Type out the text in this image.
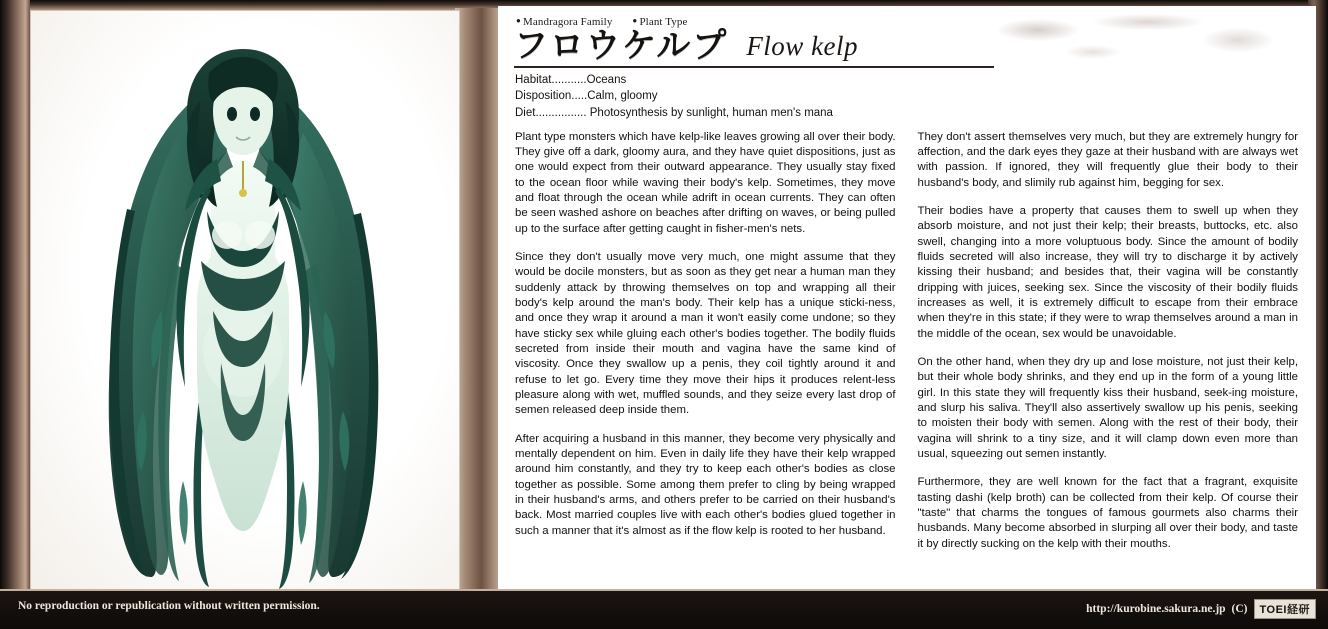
● Mandragora Family	● Plant Type
フロウケルプ Flow kelp
Habitat...........Oceans
Disposition.....Calm, gloomy
Diet................ Photosynthesis by sunlight, human men's mana

Plant type monsters which have kelp-like leaves growing all over their body. They give off a dark, gloomy aura, and they have quiet dispositions, just as one would expect from their outward appearance. They usually stay fixed to the ocean floor while waving their body's kelp. Sometimes, they move and float through the ocean while adrift in ocean currents. They can often be seen washed ashore on beaches after drifting on waves, or being pulled up to the surface after getting caught in fisher-men's nets.

Since they don't usually move very much, one might assume that they would be docile monsters, but as soon as they get near a human man they suddenly attack by throwing themselves on top and wrapping all their body's kelp around the man's body. Their kelp has a unique sticki-ness, and once they wrap it around a man it won't easily come undone; so they have sticky sex while gluing each other's bodies together. The bodily fluids secreted from inside their mouth and vagina have the same kind of viscosity. Once they swallow up a penis, they coil tightly around it and refuse to let go. Every time they move their hips it produces relent-less pleasure along with wet, muffled sounds, and they seize every last drop of semen released deep inside them.

After acquiring a husband in this manner, they become very physically and mentally dependent on him. Even in daily life they have their kelp wrapped around him constantly, and they try to keep each other's bodies as close together as possible. Some among them prefer to cling by being wrapped in their husband's arms, and others prefer to be carried on their husband's back. Most married couples live with each other's bodies glued together in such a manner that it's almost as if the flow kelp is rooted to her husband.

They don't assert themselves very much, but they are extremely hungry for affection, and the dark eyes they gaze at their husband with are always wet with passion. If ignored, they will frequently glue their body to their husband's body, and slimily rub against him, begging for sex.

Their bodies have a property that causes them to swell up when they absorb moisture, and not just their kelp; their breasts, buttocks, etc. also swell, changing into a more voluptuous body. Since the amount of bodily fluids secreted will also increase, they will try to discharge it by actively kissing their husband; and besides that, their vagina will be constantly dripping with juices, seeking sex. Since the viscosity of their bodily fluids increases as well, it is extremely difficult to escape from their embrace when they're in this state; if they were to wrap themselves around a man in the middle of the ocean, sex would be unavoidable.

On the other hand, when they dry up and lose moisture, not just their kelp, but their whole body shrinks, and they end up in the form of a young little girl. In this state they will frequently kiss their husband, seek-ing moisture, and slurp his saliva. They'll also assertively swallow up his penis, seeking to moisten their body with semen. Along with the rest of their body, their vagina will shrink to a tiny size, and it will clamp down even more than usual, squeezing out semen instantly.

Furthermore, they are well known for the fact that a fragrant, exquisite tasting dashi (kelp broth) can be collected from their kelp. Of course their "taste" that charms the tongues of famous gourmets also charms their husbands. Many become absorbed in slurping all over their body, and taste it by directly sucking on the kelp with their mouths.

No reproduction or republication without written permission.	http://kurobine.sakura.ne.jp (C)	TOEI経研
